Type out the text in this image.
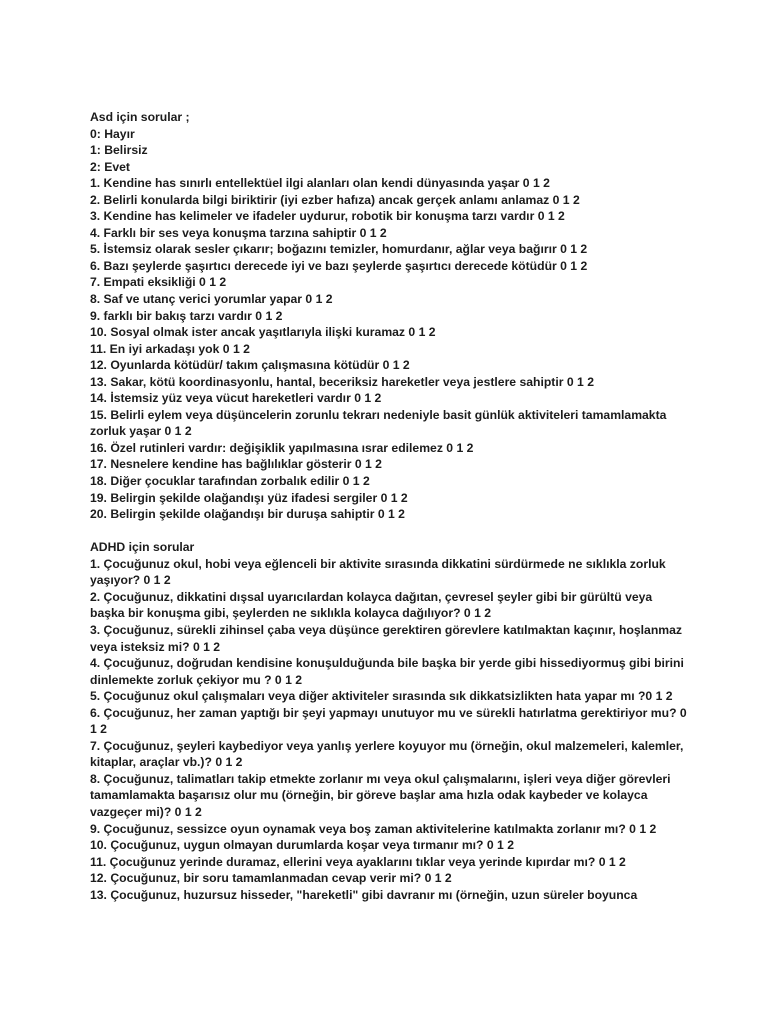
Asd için sorular ;
0: Hayır
1: Belirsiz
2: Evet
1. Kendine has sınırlı entellektüel ilgi alanları olan kendi dünyasında yaşar 0 1 2
2. Belirli konularda bilgi biriktirir (iyi ezber hafıza) ancak gerçek anlamı anlamaz 0 1 2
3. Kendine has kelimeler ve ifadeler uydurur, robotik bir konuşma tarzı vardır 0 1 2
4. Farklı bir ses veya konuşma tarzına sahiptir 0 1 2
5. İstemsiz olarak sesler çıkarır; boğazını temizler, homurdanır, ağlar veya bağırır 0 1 2
6. Bazı şeylerde şaşırtıcı derecede iyi ve bazı şeylerde şaşırtıcı derecede kötüdür 0 1 2
7. Empati eksikliği 0 1 2
8. Saf ve utanç verici yorumlar yapar 0 1 2
9. farklı bir bakış tarzı vardır 0 1 2
10. Sosyal olmak ister ancak yaşıtlarıyla ilişki kuramaz 0 1 2
11. En iyi arkadaşı yok 0 1 2
12. Oyunlarda kötüdür/ takım çalışmasına kötüdür 0 1 2
13. Sakar, kötü koordinasyonlu, hantal, beceriksiz hareketler veya jestlere sahiptir 0 1 2
14. İstemsiz yüz veya vücut hareketleri vardır 0 1 2
15. Belirli eylem veya düşüncelerin zorunlu tekrarı nedeniyle basit günlük aktiviteleri tamamlamakta zorluk yaşar 0 1 2
16. Özel rutinleri vardır: değişiklik yapılmasına ısrar edilemez 0 1 2
17. Nesnelere kendine has bağlılıklar gösterir 0 1 2
18. Diğer çocuklar tarafından zorbalık edilir 0 1 2
19. Belirgin şekilde olağandışı yüz ifadesi sergiler 0 1 2
20. Belirgin şekilde olağandışı bir duruşa sahiptir 0 1 2
ADHD için sorular
1. Çocuğunuz okul, hobi veya eğlenceli bir aktivite sırasında dikkatini sürdürmede ne sıklıkla zorluk yaşıyor? 0 1 2
2. Çocuğunuz, dikkatini dışsal uyarıcılardan kolayca dağıtan, çevresel şeyler gibi bir gürültü veya başka bir konuşma gibi, şeylerden ne sıklıkla kolayca dağılıyor? 0 1 2
3. Çocuğunuz, sürekli zihinsel çaba veya düşünce gerektiren görevlere katılmaktan kaçınır, hoşlanmaz veya isteksiz mi? 0 1 2
4. Çocuğunuz, doğrudan kendisine konuşulduğunda bile başka bir yerde gibi hissediyormuş gibi birini dinlemekte zorluk çekiyor mu ? 0 1 2
5. Çocuğunuz okul çalışmaları veya diğer aktiviteler sırasında sık dikkatsizlikten hata yapar mı ?0 1 2
6. Çocuğunuz, her zaman yaptığı bir şeyi yapmayı unutuyor mu ve sürekli hatırlatma gerektiriyor mu? 0 1 2
7. Çocuğunuz, şeyleri kaybediyor veya yanlış yerlere koyuyor mu (örneğin, okul malzemeleri, kalemler, kitaplar, araçlar vb.)? 0 1 2
8. Çocuğunuz, talimatları takip etmekte zorlanır mı veya okul çalışmalarını, işleri veya diğer görevleri tamamlamakta başarısız olur mu (örneğin, bir göreve başlar ama hızla odak kaybeder ve kolayca vazgeçer mi)? 0 1 2
9. Çocuğunuz, sessizce oyun oynamak veya boş zaman aktivitelerine katılmakta zorlanır mı? 0 1 2
10. Çocuğunuz, uygun olmayan durumlarda koşar veya tırmanır mı? 0 1 2
11. Çocuğunuz yerinde duramaz, ellerini veya ayaklarını tıklar veya yerinde kıpırdar mı? 0 1 2
12. Çocuğunuz, bir soru tamamlanmadan cevap verir mi? 0 1 2
13. Çocuğunuz, huzursuz hisseder, "hareketli" gibi davranır mı (örneğin, uzun süreler boyunca
